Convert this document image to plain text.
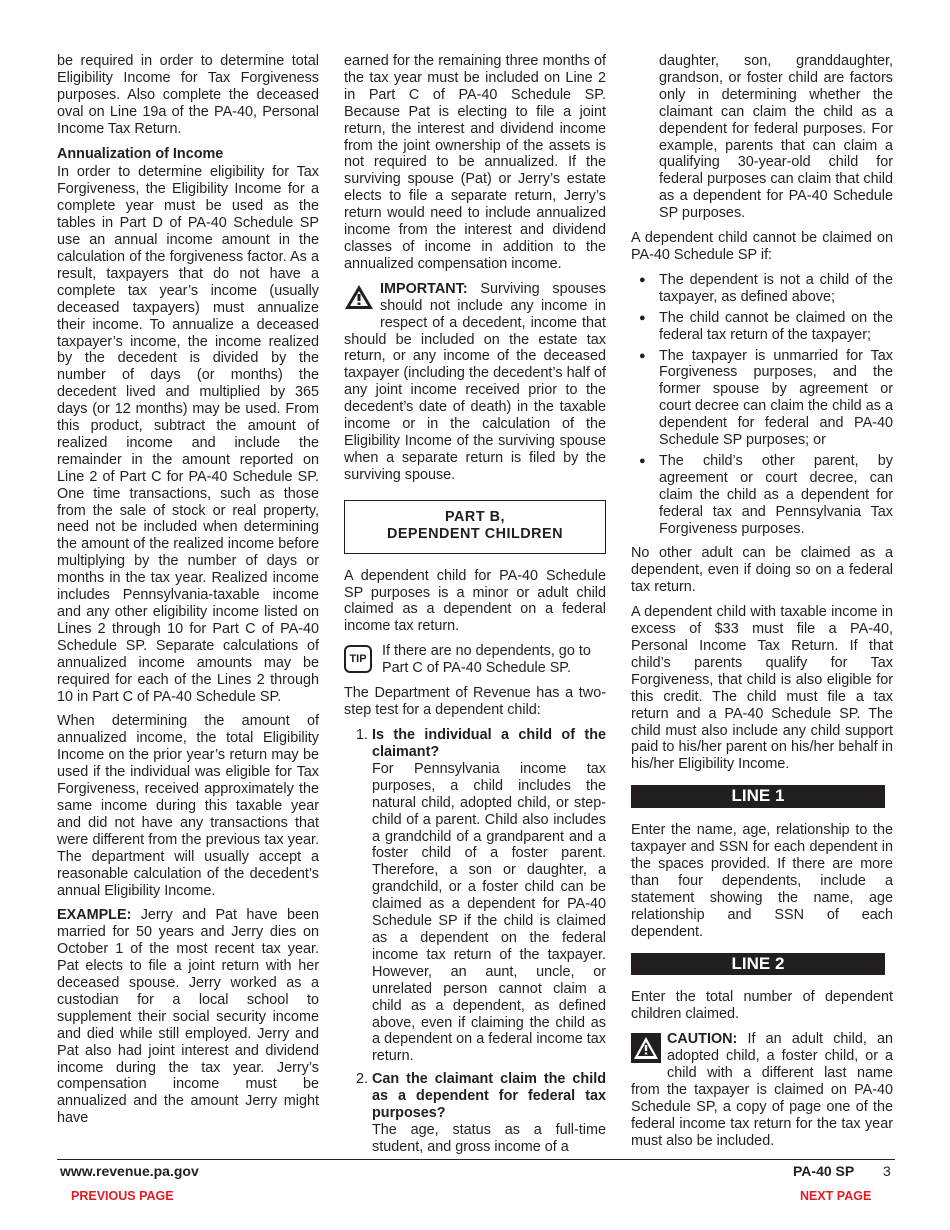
be required in order to determine total Eligibility Income for Tax Forgiveness purposes. Also complete the deceased oval on Line 19a of the PA-40, Personal Income Tax Return.

Annualization of Income

In order to determine eligibility for Tax Forgiveness, the Eligibility Income for a complete year must be used as the tables in Part D of PA-40 Schedule SP use an annual income amount in the calculation of the forgiveness factor. As a result, taxpayers that do not have a complete tax year’s income (usually deceased taxpayers) must annualize their income. To annualize a deceased taxpayer’s income, the income realized by the decedent is divided by the number of days (or months) the decedent lived and multiplied by 365 days (or 12 months) may be used. From this product, subtract the amount of realized income and include the remainder in the amount reported on Line 2 of Part C for PA-40 Schedule SP. One time transactions, such as those from the sale of stock or real property, need not be included when determining the amount of the realized income before multiplying by the number of days or months in the tax year. Realized income includes Pennsylvania-taxable income and any other eligibility income listed on Lines 2 through 10 for Part C of PA-40 Schedule SP. Separate calculations of annualized income amounts may be required for each of the Lines 2 through 10 in Part C of PA-40 Schedule SP.

When determining the amount of annualized income, the total Eligibility Income on the prior year’s return may be used if the individual was eligible for Tax Forgiveness, received approximately the same income during this taxable year and did not have any transactions that were different from the previous tax year. The department will usually accept a reasonable calculation of the decedent’s annual Eligibility Income.

EXAMPLE: Jerry and Pat have been married for 50 years and Jerry dies on October 1 of the most recent tax year. Pat elects to file a joint return with her deceased spouse. Jerry worked as a custodian for a local school to supplement their social security income and died while still employed. Jerry and Pat also had joint interest and dividend income during the tax year. Jerry’s compensation income must be annualized and the amount Jerry might have

earned for the remaining three months of the tax year must be included on Line 2 in Part C of PA-40 Schedule SP. Because Pat is electing to file a joint return, the interest and dividend income from the joint ownership of the assets is not required to be annualized. If the surviving spouse (Pat) or Jerry’s estate elects to file a separate return, Jerry’s return would need to include annualized income from the interest and dividend classes of income in addition to the annualized compensation income.

IMPORTANT: Surviving spouses should not include any income in respect of a decedent, income that should be included on the estate tax return, or any income of the deceased taxpayer (including the decedent’s half of any joint income received prior to the decedent’s date of death) in the taxable income or in the calculation of the Eligibility Income of the surviving spouse when a separate return is filed by the surviving spouse.

PART B,
DEPENDENT CHILDREN

A dependent child for PA-40 Schedule SP purposes is a minor or adult child claimed as a dependent on a federal income tax return.

TIP	If there are no dependents, go to Part C of PA-40 Schedule SP.

The Department of Revenue has a two-step test for a dependent child:

1. Is the individual a child of the claimant?
For Pennsylvania income tax purposes, a child includes the natural child, adopted child, or step-child of a parent. Child also includes a grandchild of a grandparent and a foster child of a foster parent. Therefore, a son or daughter, a grandchild, or a foster child can be claimed as a dependent for PA-40 Schedule SP if the child is claimed as a dependent on the federal income tax return of the taxpayer. However, an aunt, uncle, or unrelated person cannot claim a child as a dependent, as defined above, even if claiming the child as a dependent on a federal income tax return.
2. Can the claimant claim the child as a dependent for federal tax purposes?
The age, status as a full-time student, and gross income of a

daughter, son, granddaughter, grandson, or foster child are factors only in determining whether the claimant can claim the child as a dependent for federal purposes. For example, parents that can claim a qualifying 30-year-old child for federal purposes can claim that child as a dependent for PA-40 Schedule SP purposes.

A dependent child cannot be claimed on PA-40 Schedule SP if:

● The dependent is not a child of the taxpayer, as defined above;
● The child cannot be claimed on the federal tax return of the taxpayer;
● The taxpayer is unmarried for Tax Forgiveness purposes, and the former spouse by agreement or court decree can claim the child as a dependent for federal and PA-40 Schedule SP purposes; or
● The child’s other parent, by agreement or court decree, can claim the child as a dependent for federal tax and Pennsylvania Tax Forgiveness purposes.

No other adult can be claimed as a dependent, even if doing so on a federal tax return.

A dependent child with taxable income in excess of $33 must file a PA-40, Personal Income Tax Return. If that child’s parents qualify for Tax Forgiveness, that child is also eligible for this credit. The child must file a tax return and a PA-40 Schedule SP. The child must also include any child support paid to his/her parent on his/her behalf in his/her Eligibility Income.

LINE 1

Enter the name, age, relationship to the taxpayer and SSN for each dependent in the spaces provided. If there are more than four dependents, include a statement showing the name, age relationship and SSN of each dependent.

LINE 2

Enter the total number of dependent children claimed.

CAUTION: If an adult child, an adopted child, a foster child, or a child with a different last name from the taxpayer is claimed on PA-40 Schedule SP, a copy of page one of the federal income tax return for the tax year must also be included.

www.revenue.pa.gov	PA-40 SP 3
PREVIOUS PAGE	NEXT PAGE
